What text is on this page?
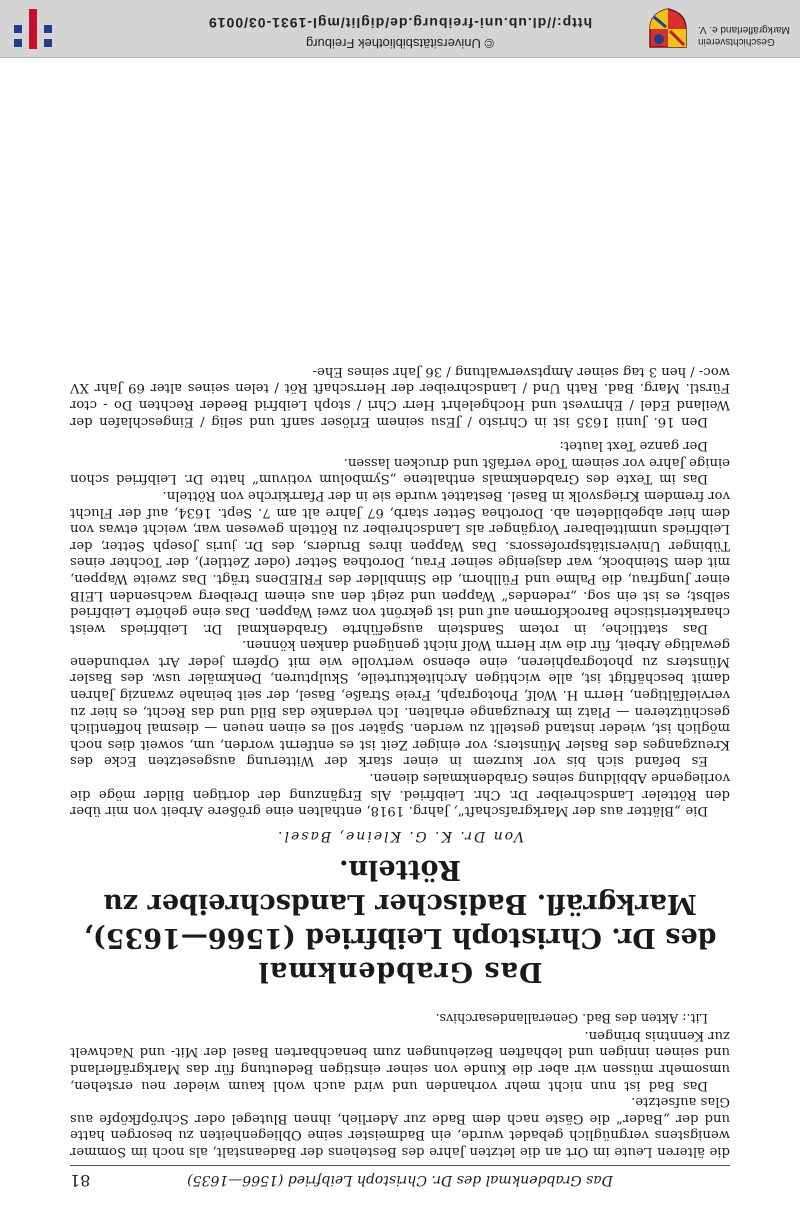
© Universitätsbibliothek Freiburg
http://dl.ub.uni-freiburg.de/diglit/mgl-1931-03/0019
Geschichtsverein
Markgräflerland e. V.
Das Grabdenkmal des Dr. Christoph Leibfried (1566—1635)
81

die älteren Leute im Ort an die letzten Jahre des Bestehens der Badeanstalt, als noch im Sommer wenigstens vergnüglich gebadet wurde, ein Badmeister seine Obliegenheiten zu besorgen hatte und der „Bader“ die Gäste nach dem Bade zur Aderlieh, ihnen Blutegel oder Schröpfköpfe aus Glas aufsetzte.

Das Bad ist nun nicht mehr vorhanden und wird auch wohl kaum wieder neu erstehen, umsomehr müssen wir aber die Kunde von seiner einstigen Bedeutung für das Markgräflerland und seinen innigen und lebhaften Beziehungen zum benachbarten Basel der Mit- und Nachwelt zur Kenntnis bringen.

Lit.: Akten des Bad. Generallandesarchivs.

Das Grabdenkmal
des Dr. Christoph Leibfried (1566—1635),
Markgräfl. Badischer Landschreiber zu Rötteln.
Von Dr. K. G. Kleine, Basel.

Die „Blätter aus der Markgrafschaft“, Jahrg. 1918, enthalten eine größere Arbeit von mir über den Rötteler Landschreiber Dr. Chr. Leibfried. Als Ergänzung der dortigen Bilder möge die vorliegende Abbildung seines Grabdenkmales dienen.

Es befand sich bis vor kurzem in einer stark der Witterung ausgesetzten Ecke des Kreuzganges des Basler Münsters; vor einiger Zeit ist es entfernt worden, um, soweit dies noch möglich ist, wieder instand gestellt zu werden. Später soll es einen neuen — diesmal hoffentlich geschützteren — Platz im Kreuzgange erhalten. Ich verdanke das Bild und das Recht, es hier zu vervielfältigen, Herrn H. Wolf, Photograph, Freie Straße, Basel, der seit beinahe zwanzig Jahren damit beschäftigt ist, alle wichtigen Architekturteile, Skulpturen, Denkmäler usw. des Basler Münsters zu photographieren, eine ebenso wertvolle wie mit Opfern jeder Art verbundene gewaltige Arbeit, für die wir Herrn Wolf nicht genügend danken können.

Das stattliche, in rotem Sandstein ausgeführte Grabdenkmal Dr. Leibfrieds weist charakteristische Barockformen auf und ist gekrönt von zwei Wappen. Das eine gehörte Leibfried selbst; es ist ein sog. „redendes“ Wappen und zeigt den aus einem Dreiberg wachsenden LEIB einer Jungfrau, die Palme und Füllhorn, die Sinnbilder des FRIEDens trägt. Das zweite Wappen, mit dem Steinbock, war dasjenige seiner Frau, Dorothea Setter (oder Zettler), der Tochter eines Tübinger Universitätsprofessors. Das Wappen ihres Bruders, des Dr. juris Joseph Setter, der Leibfrieds unmittelbarer Vorgänger als Landschreiber zu Rötteln gewesen war, weicht etwas von dem hier abgebildeten ab. Dorothea Setter starb, 67 Jahre alt am 7. Sept. 1634, auf der Flucht vor fremdem Kriegsvolk in Basel. Bestattet wurde sie in der Pfarrkirche von Rötteln.

Das im Texte des Grabdenkmals enthaltene „Symbolum votivum“ hatte Dr. Leibfried schon einige Jahre vor seinem Tode verfaßt und drucken lassen.

Der ganze Text lautet:

Den 16. Junii 1635 ist in Christo / JEsu seinem Erlöser sanft und selig / Eingeschlafen der Weiland Edel / Ehrnvest und Hochgelehrt Herr Chri / stoph Leibfrid Beeder Rechten Do - ctor Fürstl. Marg. Bad. Rath Und / Landschreiber der Herrschaft Röt / telen seines alter 69 Jahr XV woc- / hen 3 tag seiner Amptsverwaltung / 36 Jahr seines Ehe-
